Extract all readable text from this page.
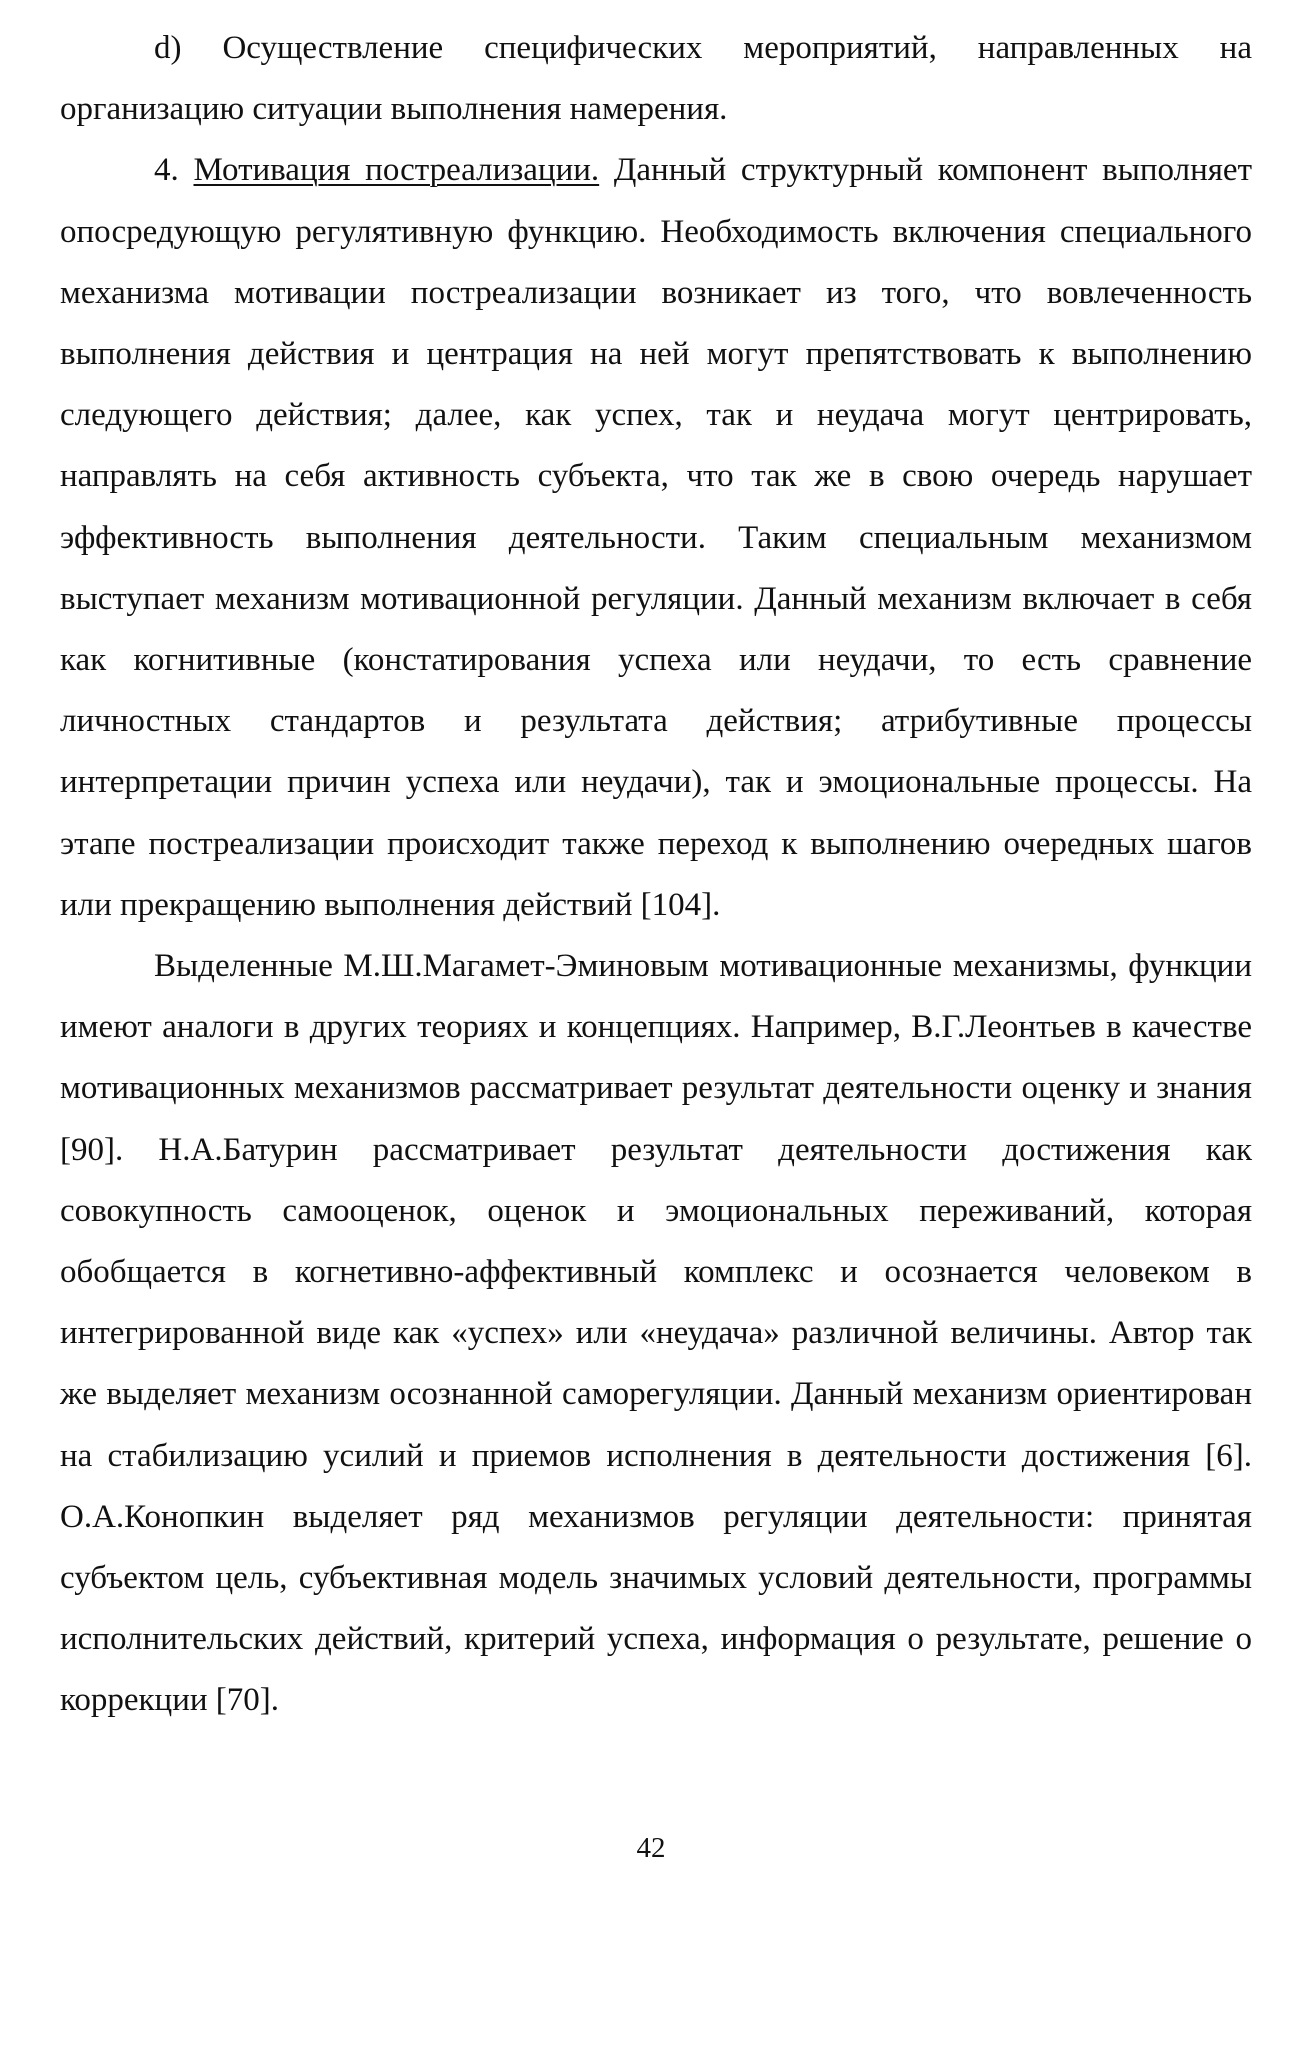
d) Осуществление специфических мероприятий, направленных на организацию ситуации выполнения намерения.

4. Мотивация постреализации. Данный структурный компонент выполняет опосредующую регулятивную функцию. Необходимость включения специального механизма мотивации постреализации возникает из того, что вовлеченность выполнения действия и центрация на ней могут препятствовать к выполнению следующего действия; далее, как успех, так и неудача могут центрировать, направлять на себя активность субъекта, что так же в свою очередь нарушает эффективность выполнения деятельности. Таким специальным механизмом выступает механизм мотивационной регуляции. Данный механизм включает в себя как когнитивные (констатирования успеха или неудачи, то есть сравнение личностных стандартов и результата действия; атрибутивные процессы интерпретации причин успеха или неудачи), так и эмоциональные процессы. На этапе постреализации происходит также переход к выполнению очередных шагов или прекращению выполнения действий [104].

Выделенные М.Ш.Магамет-Эминовым мотивационные механизмы, функции имеют аналоги в других теориях и концепциях. Например, В.Г.Леонтьев в качестве мотивационных механизмов рассматривает результат деятельности оценку и знания [90]. Н.А.Батурин рассматривает результат деятельности достижения как совокупность самооценок, оценок и эмоциональных переживаний, которая обобщается в когнетивно-аффективный комплекс и осознается человеком в интегрированной виде как «успех» или «неудача» различной величины. Автор так же выделяет механизм осознанной саморегуляции. Данный механизм ориентирован на стабилизацию усилий и приемов исполнения в деятельности достижения [6]. О.А.Конопкин выделяет ряд механизмов регуляции деятельности: принятая субъектом цель, субъективная модель значимых условий деятельности, программы исполнительских действий, критерий успеха, информация о результате, решение о коррекции [70].

42
